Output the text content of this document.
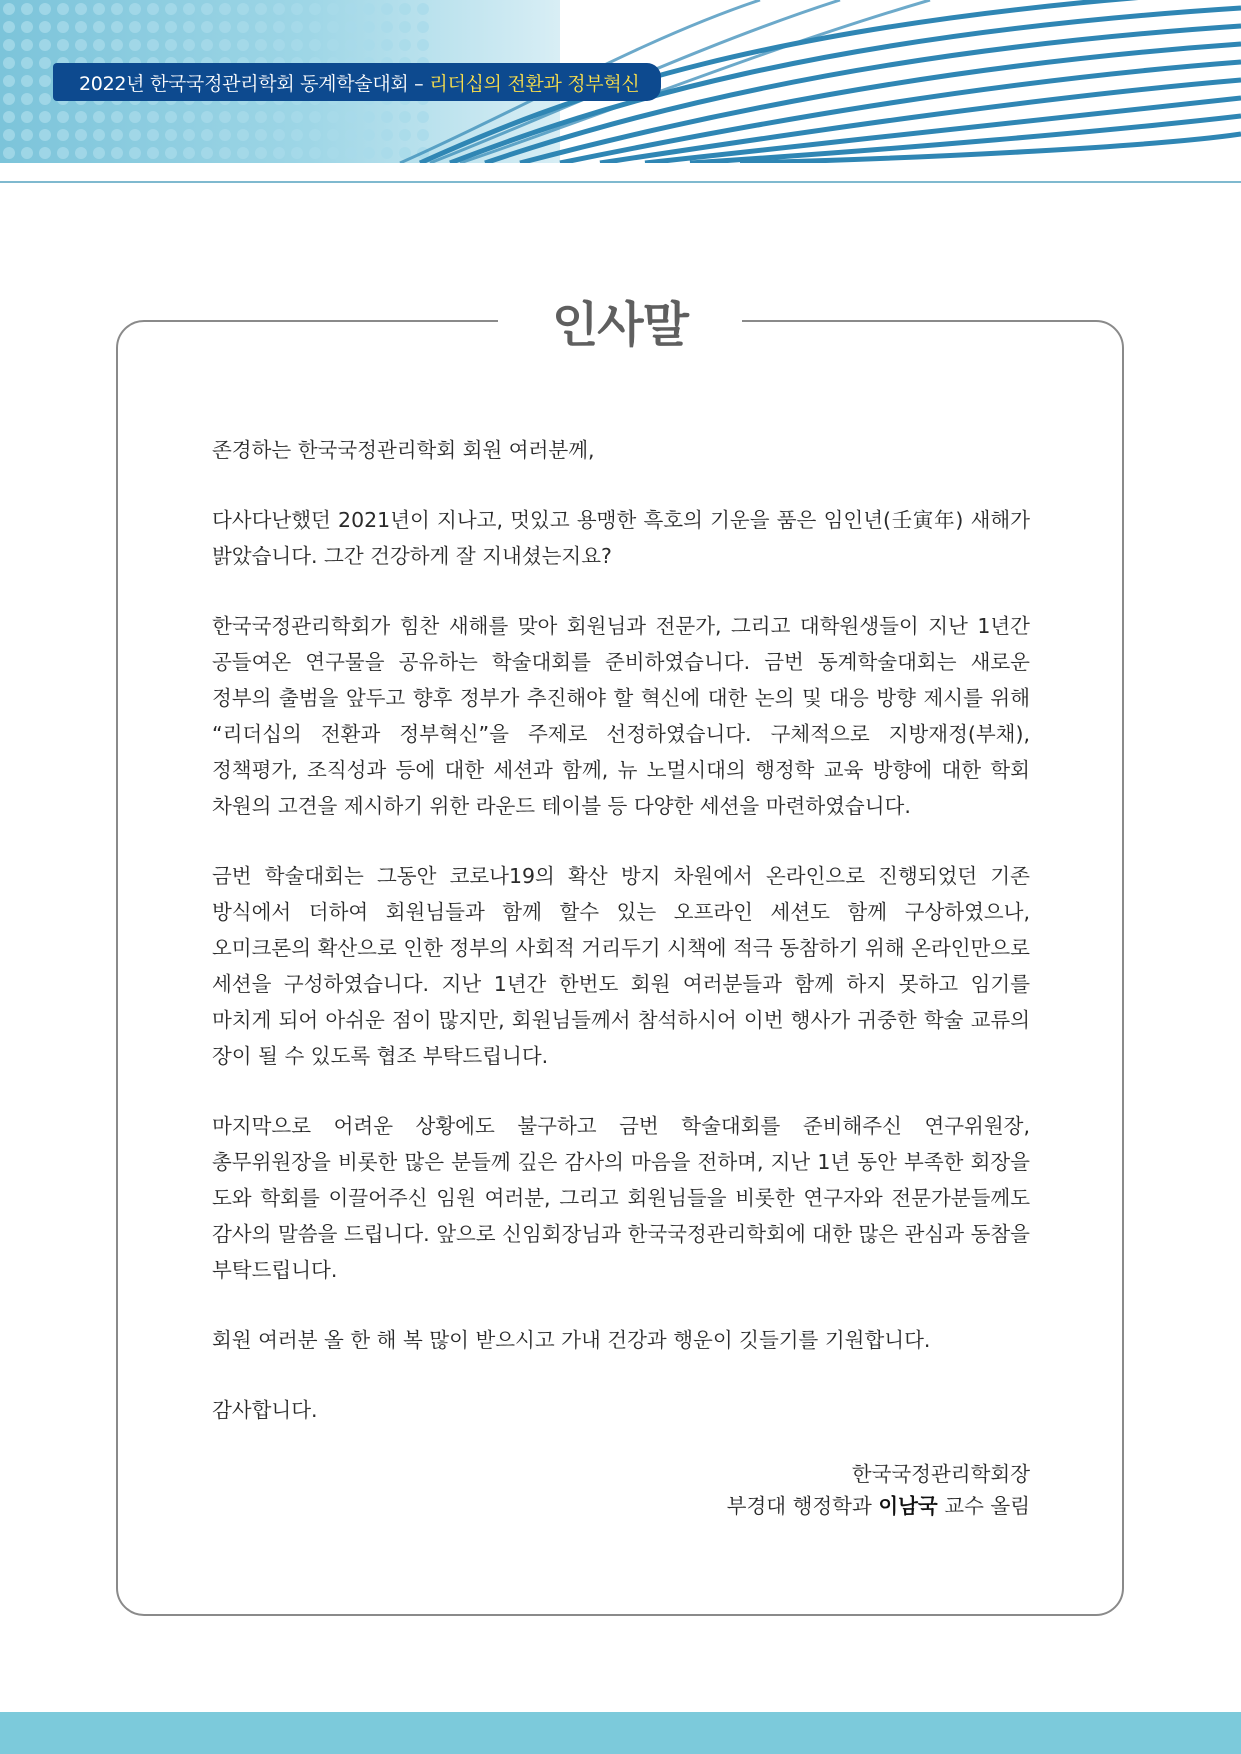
2022년 한국국정관리학회 동계학술대회 – 리더십의 전환과 정부혁신
인사말

존경하는 한국국정관리학회 회원 여러분께,

다사다난했던 2021년이 지나고, 멋있고 용맹한 흑호의 기운을 품은 임인년(壬寅年) 새해가 밝았습니다. 그간 건강하게 잘 지내셨는지요?

한국국정관리학회가 힘찬 새해를 맞아 회원님과 전문가, 그리고 대학원생들이 지난 1년간 공들여온 연구물을 공유하는 학술대회를 준비하였습니다. 금번 동계학술대회는 새로운 정부의 출범을 앞두고 향후 정부가 추진해야 할 혁신에 대한 논의 및 대응 방향 제시를 위해 “리더십의 전환과 정부혁신”을 주제로 선정하였습니다. 구체적으로 지방재정(부채), 정책평가, 조직성과 등에 대한 세션과 함께, 뉴 노멀시대의 행정학 교육 방향에 대한 학회 차원의 고견을 제시하기 위한 라운드 테이블 등 다양한 세션을 마련하였습니다.

금번 학술대회는 그동안 코로나19의 확산 방지 차원에서 온라인으로 진행되었던 기존 방식에서 더하여 회원님들과 함께 할수 있는 오프라인 세션도 함께 구상하였으나, 오미크론의 확산으로 인한 정부의 사회적 거리두기 시책에 적극 동참하기 위해 온라인만으로 세션을 구성하였습니다. 지난 1년간 한번도 회원 여러분들과 함께 하지 못하고 임기를 마치게 되어 아쉬운 점이 많지만, 회원님들께서 참석하시어 이번 행사가 귀중한 학술 교류의 장이 될 수 있도록 협조 부탁드립니다.

마지막으로 어려운 상황에도 불구하고 금번 학술대회를 준비해주신 연구위원장, 총무위원장을 비롯한 많은 분들께 깊은 감사의 마음을 전하며, 지난 1년 동안 부족한 회장을 도와 학회를 이끌어주신 임원 여러분, 그리고 회원님들을 비롯한 연구자와 전문가분들께도 감사의 말씀을 드립니다. 앞으로 신임회장님과 한국국정관리학회에 대한 많은 관심과 동참을 부탁드립니다.

회원 여러분 올 한 해 복 많이 받으시고 가내 건강과 행운이 깃들기를 기원합니다.

감사합니다.

한국국정관리학회장
부경대 행정학과 이남국 교수 올림
